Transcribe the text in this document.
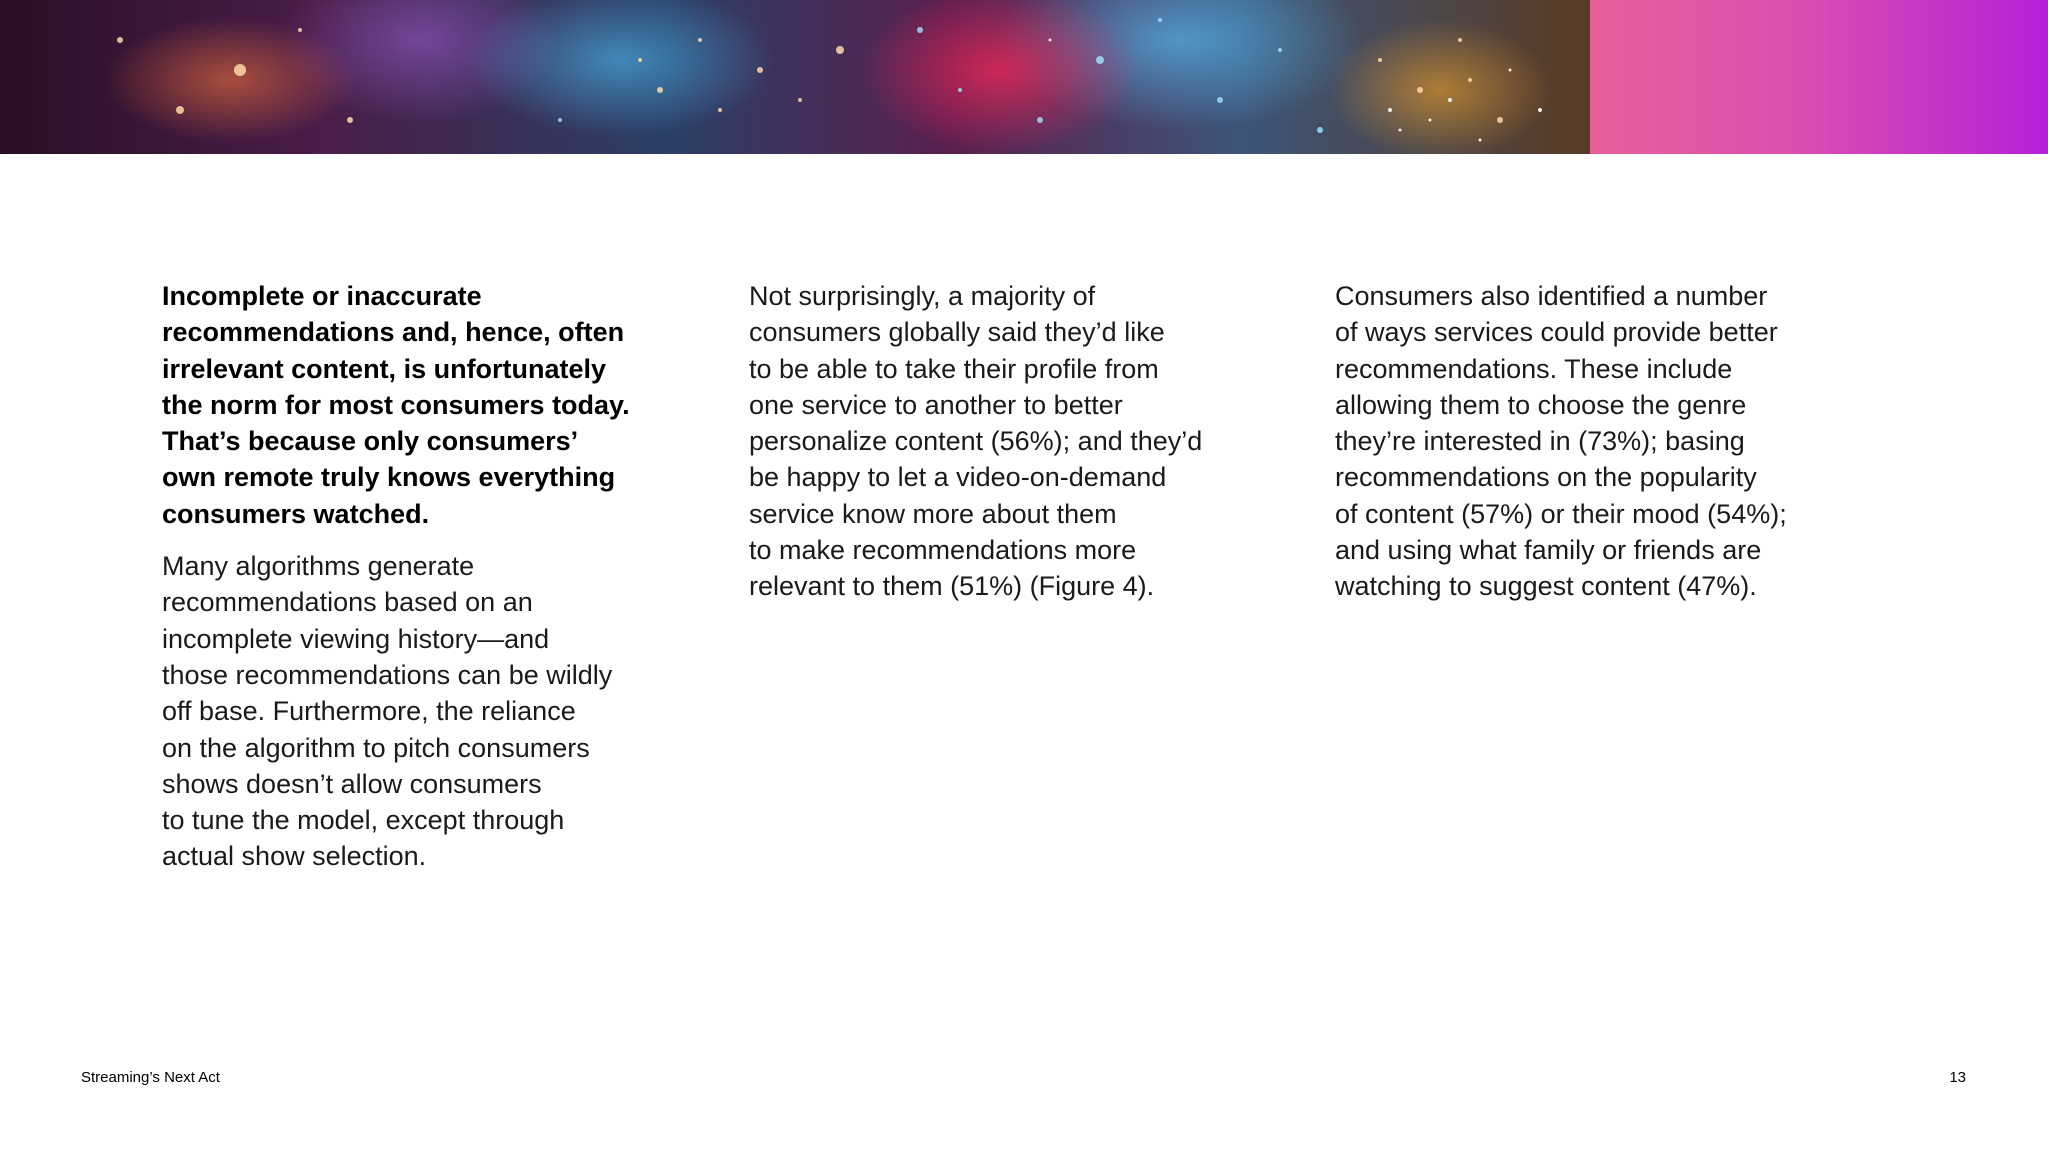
Incomplete or inaccurate
recommendations and, hence, often
irrelevant content, is unfortunately
the norm for most consumers today.
That’s because only consumers’
own remote truly knows everything
consumers watched.

Many algorithms generate
recommendations based on an
incomplete viewing history—and
those recommendations can be wildly
off base. Furthermore, the reliance
on the algorithm to pitch consumers
shows doesn’t allow consumers
to tune the model, except through
actual show selection.

Not surprisingly, a majority of
consumers globally said they’d like
to be able to take their profile from
one service to another to better
personalize content (56%); and they’d
be happy to let a video-on-demand
service know more about them
to make recommendations more
relevant to them (51%) (Figure 4).

Consumers also identified a number
of ways services could provide better
recommendations. These include
allowing them to choose the genre
they’re interested in (73%); basing
recommendations on the popularity
of content (57%) or their mood (54%);
and using what family or friends are
watching to suggest content (47%).

Streaming’s Next Act	13
